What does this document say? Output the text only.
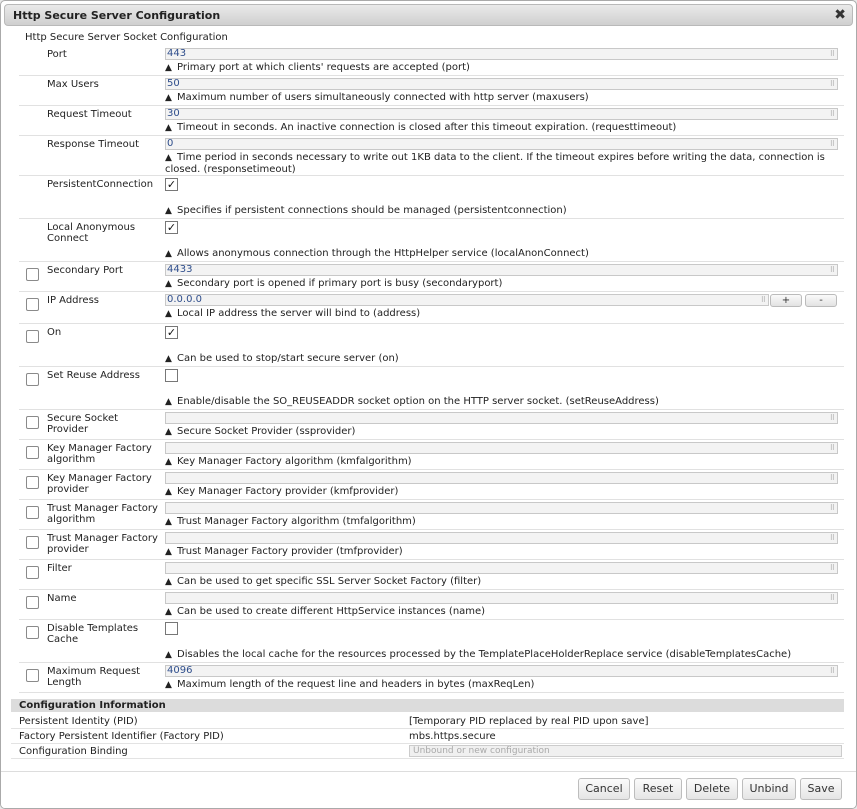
Http Secure Server Configuration	✖
Http Secure Server Socket Configuration
Port	443	⠿
▲ Primary port at which clients' requests are accepted (port)
Max Users	50	⠿
▲ Maximum number of users simultaneously connected with http server (maxusers)
Request Timeout	30	⠿
▲ Timeout in seconds. An inactive connection is closed after this timeout expiration. (requesttimeout)
Response Timeout	0	⠿
▲ Time period in seconds necessary to write out 1KB data to the client. If the timeout expires before writing the data, connection is closed. (responsetimeout)
PersistentConnection	✓
▲ Specifies if persistent connections should be managed (persistentconnection)
Local Anonymous Connect
✓
▲ Allows anonymous connection through the HttpHelper service (localAnonConnect)
Secondary Port	4433	⠿
▲ Secondary port is opened if primary port is busy (secondaryport)
IP Address	0.0.0.0	⠿	+	-
▲ Local IP address the server will bind to (address)
On	✓
▲ Can be used to stop/start secure server (on)
Set Reuse Address
▲ Enable/disable the SO_REUSEADDR socket option on the HTTP server socket. (setReuseAddress)
Secure Socket Provider
⠿
▲ Secure Socket Provider (ssprovider)
Key Manager Factory algorithm
⠿
▲ Key Manager Factory algorithm (kmfalgorithm)
Key Manager Factory provider
⠿
▲ Key Manager Factory provider (kmfprovider)
Trust Manager Factory algorithm
⠿
▲ Trust Manager Factory algorithm (tmfalgorithm)
Trust Manager Factory provider
⠿
▲ Trust Manager Factory provider (tmfprovider)
Filter	⠿
▲ Can be used to get specific SSL Server Socket Factory (filter)
Name	⠿
▲ Can be used to create different HttpService instances (name)
Disable Templates Cache
▲ Disables the local cache for the resources processed by the TemplatePlaceHolderReplace service (disableTemplatesCache)
Maximum Request Length
4096	⠿
▲ Maximum length of the request line and headers in bytes (maxReqLen)
Configuration Information
Persistent Identity (PID)	[Temporary PID replaced by real PID upon save]
Factory Persistent Identifier (Factory PID)	mbs.https.secure
Configuration Binding	Unbound or new configuration
Cancel	Reset	Delete	Unbind	Save
